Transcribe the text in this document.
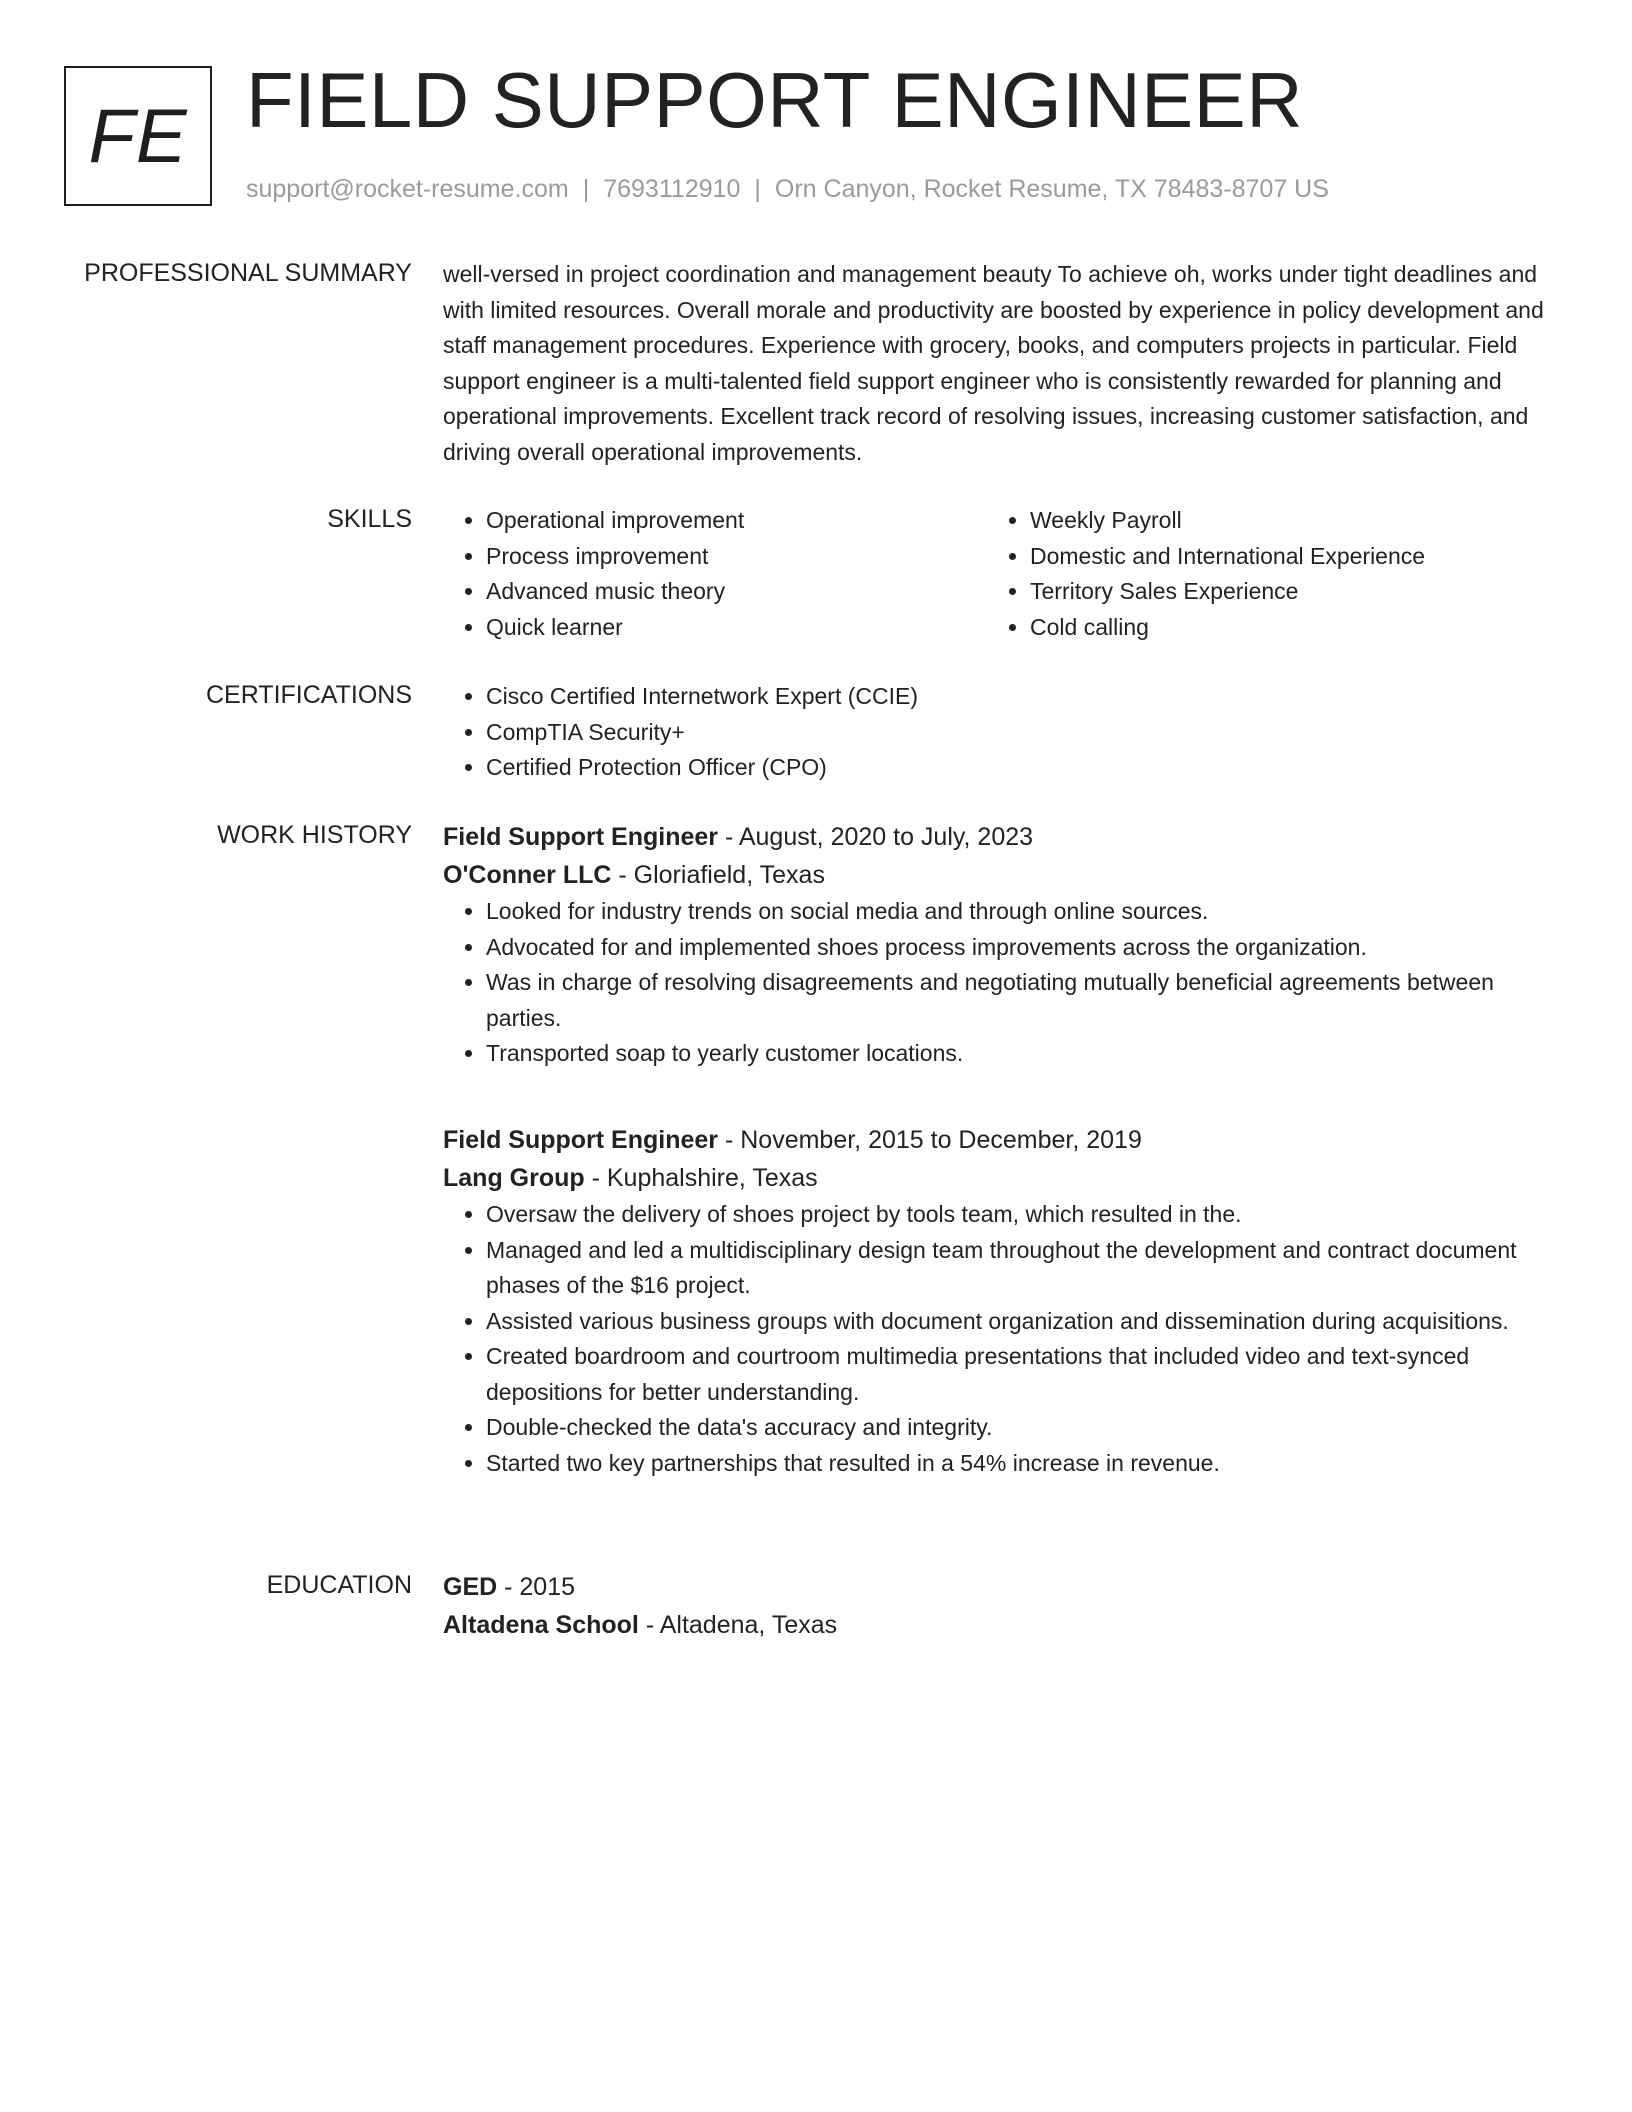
FE FIELD SUPPORT ENGINEER
support@rocket-resume.com | 7693112910 | Orn Canyon, Rocket Resume, TX 78483-8707 US
PROFESSIONAL SUMMARY well-versed in project coordination and management beauty To achieve oh, works under tight deadlines and with limited resources. Overall morale and productivity are boosted by experience in policy development and staff management procedures. Experience with grocery, books, and computers projects in particular. Field support engineer is a multi-talented field support engineer who is consistently rewarded for planning and operational improvements. Excellent track record of resolving issues, increasing customer satisfaction, and driving overall operational improvements.

SKILLS	• Operational improvement
• Process improvement
• Advanced music theory
• Quick learner
• Weekly Payroll
• Domestic and International Experience
• Territory Sales Experience
• Cold calling
CERTIFICATIONS	• Cisco Certified Internetwork Expert (CCIE)
• CompTIA Security+
• Certified Protection Officer (CPO)
WORK HISTORY Field Support Engineer - August, 2020 to July, 2023
O'Conner LLC - Gloriafield, Texas
• Looked for industry trends on social media and through online sources.
• Advocated for and implemented shoes process improvements across the organization.
• Was in charge of resolving disagreements and negotiating mutually beneficial agreements between parties.
• Transported soap to yearly customer locations.
Field Support Engineer - November, 2015 to December, 2019
Lang Group - Kuphalshire, Texas
• Oversaw the delivery of shoes project by tools team, which resulted in the.
• Managed and led a multidisciplinary design team throughout the development and contract document phases of the $16 project.
• Assisted various business groups with document organization and dissemination during acquisitions.
• Created boardroom and courtroom multimedia presentations that included video and text-synced depositions for better understanding.
• Double-checked the data's accuracy and integrity.
• Started two key partnerships that resulted in a 54% increase in revenue.
EDUCATION GED - 2015
Altadena School - Altadena, Texas
